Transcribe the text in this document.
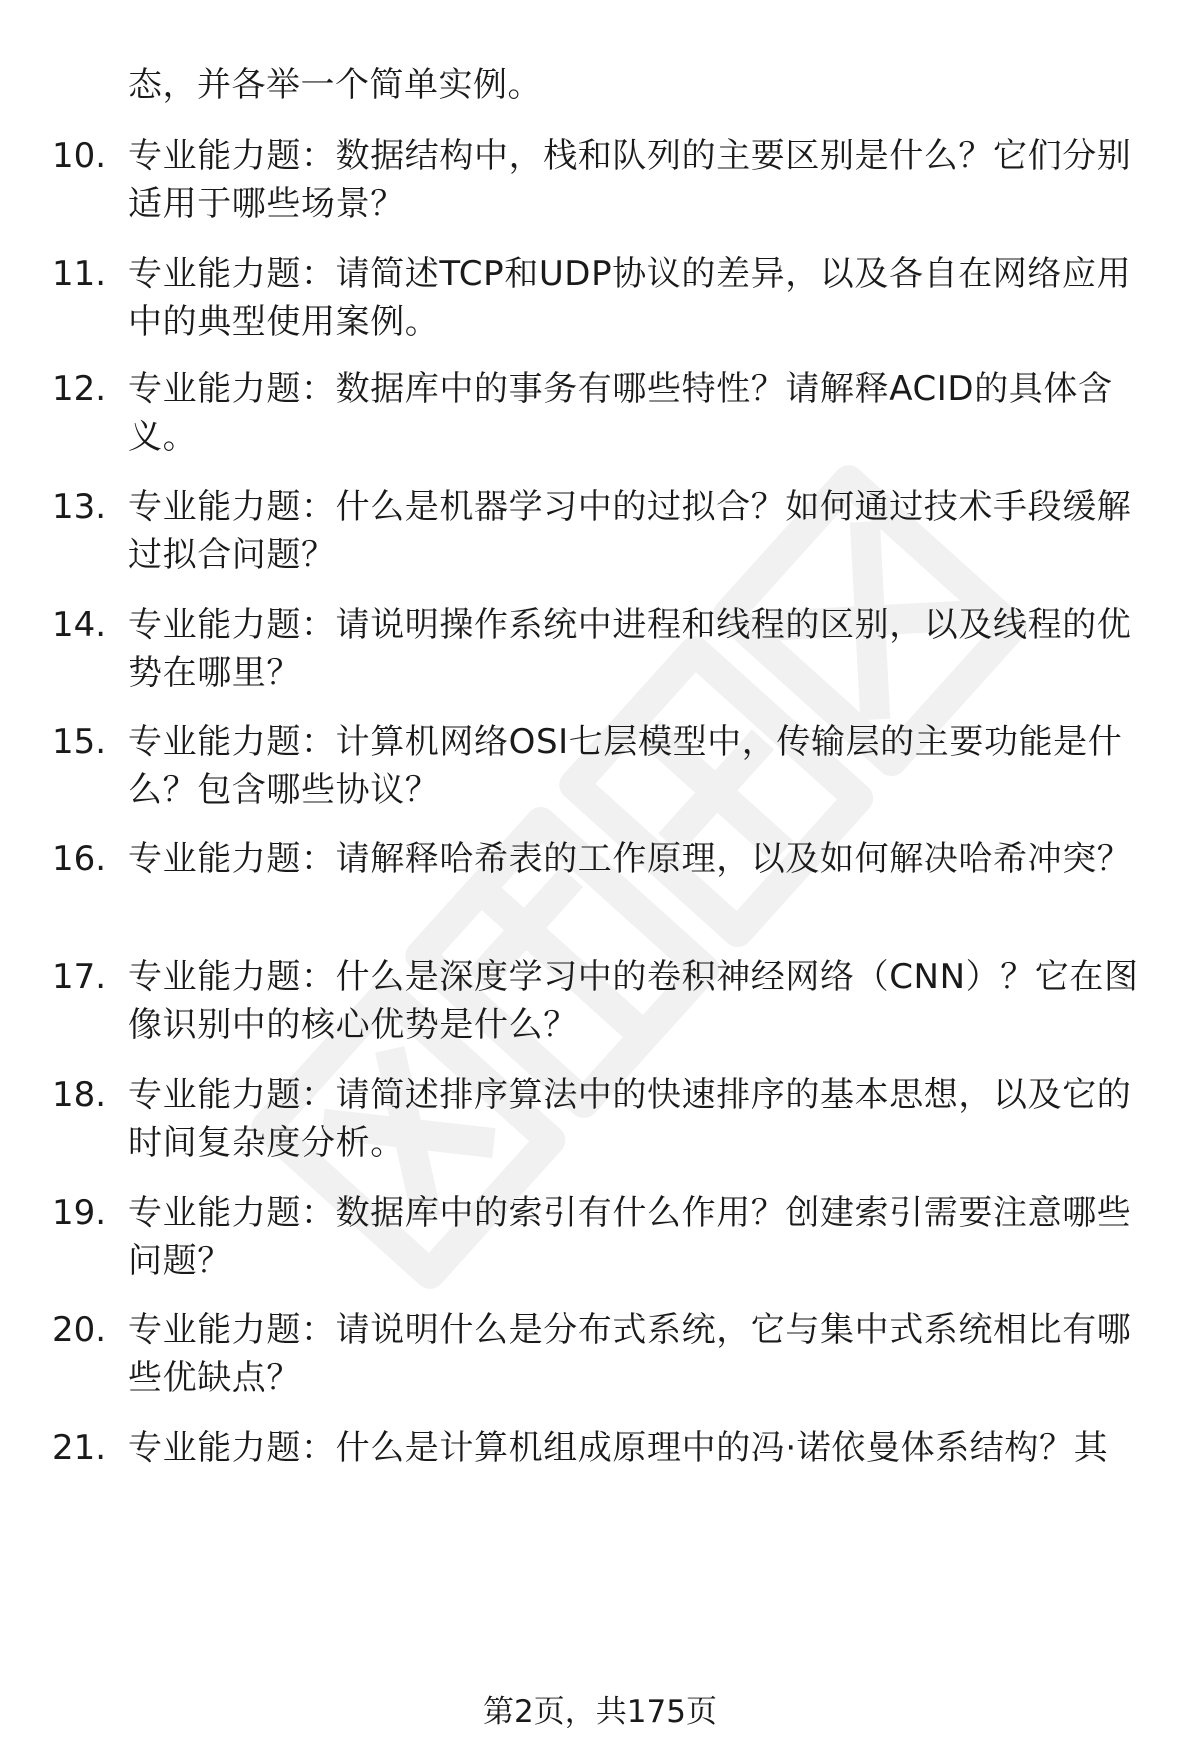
态，并各举一个简单实例。
10. 专业能力题：数据结构中，栈和队列的主要区别是什么？它们分别适用于哪些场景？
11. 专业能力题：请简述TCP和UDP协议的差异，以及各自在网络应用中的典型使用案例。
12. 专业能力题：数据库中的事务有哪些特性？请解释ACID的具体含义。
13. 专业能力题：什么是机器学习中的过拟合？如何通过技术手段缓解过拟合问题？
14. 专业能力题：请说明操作系统中进程和线程的区别，以及线程的优势在哪里？
15. 专业能力题：计算机网络OSI七层模型中，传输层的主要功能是什么？包含哪些协议？
16. 专业能力题：请解释哈希表的工作原理，以及如何解决哈希冲突？
17. 专业能力题：什么是深度学习中的卷积神经网络（CNN）？它在图像识别中的核心优势是什么？
18. 专业能力题：请简述排序算法中的快速排序的基本思想，以及它的时间复杂度分析。
19. 专业能力题：数据库中的索引有什么作用？创建索引需要注意哪些问题？
20. 专业能力题：请说明什么是分布式系统，它与集中式系统相比有哪些优缺点？
21. 专业能力题：什么是计算机组成原理中的冯·诺依曼体系结构？其
第2页，共175页
